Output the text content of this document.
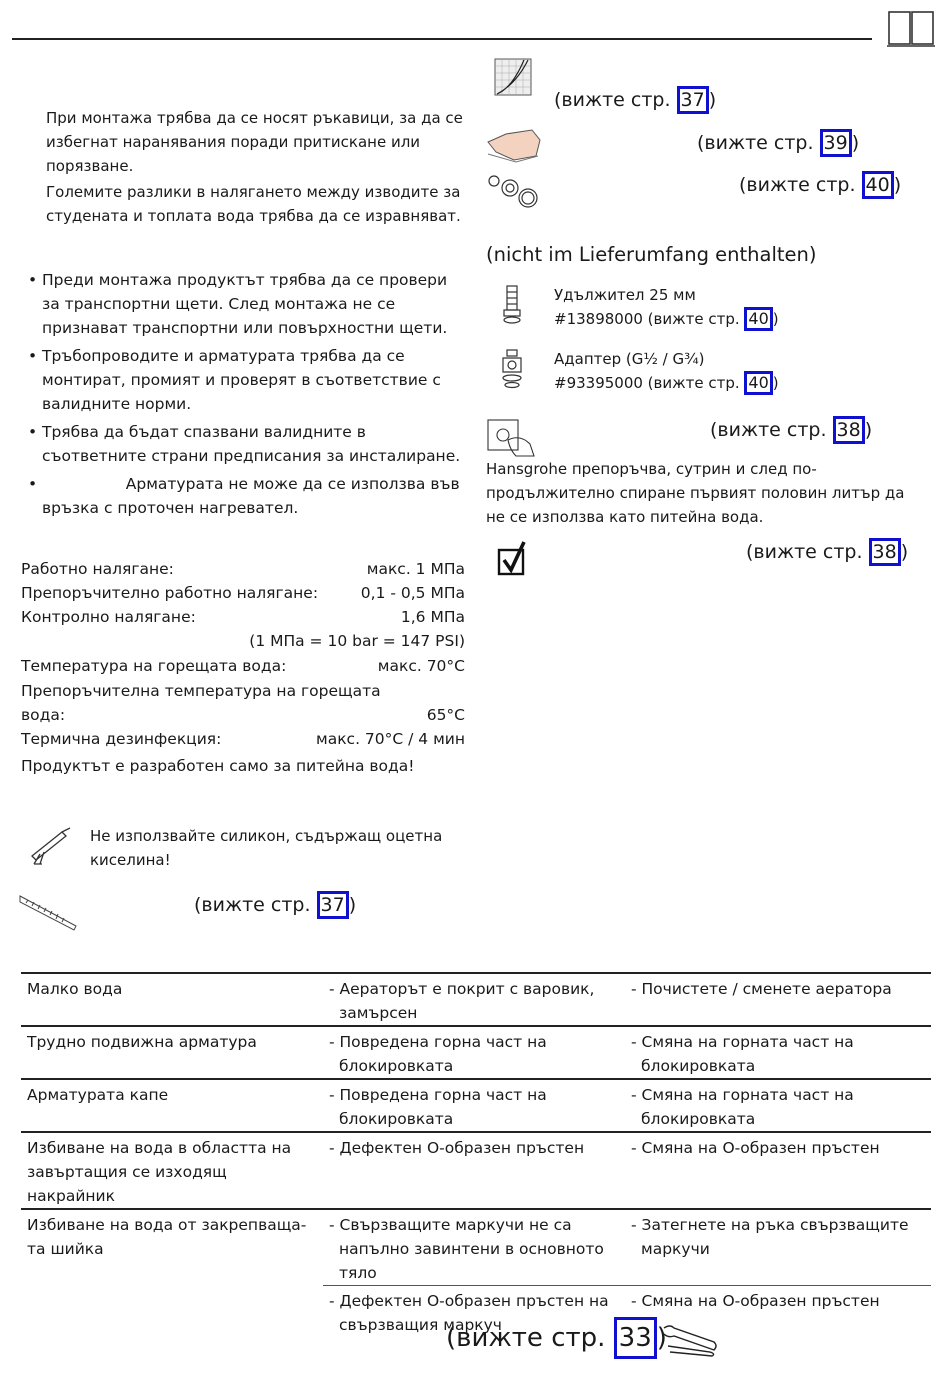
При монтажа трябва да се носят ръкавици, за да се избегнат наранявания поради притискане или порязване.
Големите разлики в налягането между изводите за студената и топлата вода трябва да се изравняват.
• Преди монтажа продуктът трябва да се провери за транспортни щети. След монтажа не се признават транспортни или повърхностни щети.
• Тръбопроводите и арматурата трябва да се монтират, промият и проверят в съответствие с валидните норми.
• Трябва да бъдат спазвани валидните в съответните страни предписания за инсталиране.
•                  Арматурата не може да се използва във връзка с проточен нагревател.
Работно налягане:	макс. 1 МПа
Препоръчително работно налягане:	0,1 - 0,5 МПа
Контролно налягане:	1,6 МПа
(1 МПа = 10 bar = 147 PSI)
Температура на горещата вода:	макс. 70°C
Препоръчителна температура на горещата
вода:	65°C
Термична дезинфекция:	макс. 70°C / 4 мин
Продуктът е разработен само за питейна вода!
Не използвайте силикон, съдържащ оцетна киселина!
(вижте стр. 37 )
(вижте стр. 37 )
(вижте стр. 39 )
(вижте стр. 40 )
(nicht im Lieferumfang enthalten)
Удължител 25 мм
#13898000 (вижте стр. 40 )
Адаптер (G½ / G¾)
#93395000 (вижте стр. 40 )
(вижте стр. 38 )
Hansgrohe препоръчва, сутрин и след по-продължително спиране първият половин литър да не се използва като питейна вода.
(вижте стр. 38 )
Малко вода	- Аераторът е покрит с варовик, замърсен	- Почистете / сменете аератора

Трудно подвижна арматура	- Повредена горна част на блокировката	- Смяна на горната част на блокировката

Арматурата капе	- Повредена горна част на блокировката	- Смяна на горната част на блокировката

Избиване на вода в областта на завъртащия се изходящ накрайник	- Дефектен О-образен пръстен	- Смяна на О-образен пръстен

Избиване на вода от закрепваща-та шийка	- Свързващите маркучи не са напълно завинтени в основното тяло	- Затегнете на ръка свързващите маркучи

	- Дефектен О-образен пръстен на свързващия маркуч	- Смяна на О-образен пръстен
(вижте стр. 33 )
